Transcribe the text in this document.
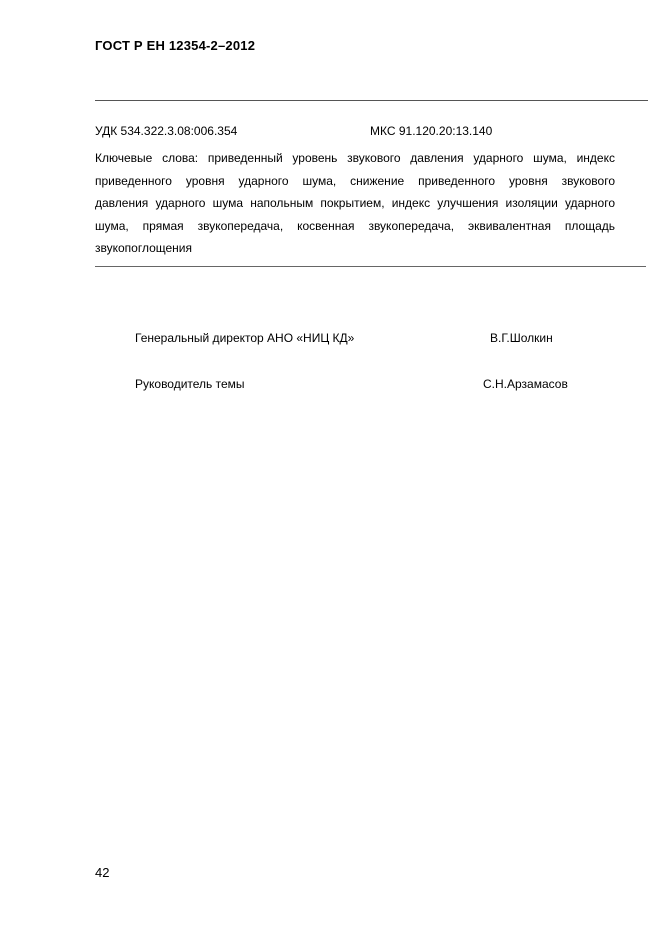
ГОСТ Р ЕН 12354-2–2012
УДК 534.322.3.08:006.354	МКС 91.120.20:13.140
Ключевые слова: приведенный уровень звукового давления ударного шума, индекс приведенного уровня ударного шума, снижение приведенного уровня звукового давления ударного шума напольным покрытием, индекс улучшения изоляции ударного шума, прямая звукопередача, косвенная звукопередача, эквивалентная площадь звукопоглощения
Генеральный директор АНО «НИЦ КД»	В.Г.Шолкин
Руководитель темы	С.Н.Арзамасов
42
